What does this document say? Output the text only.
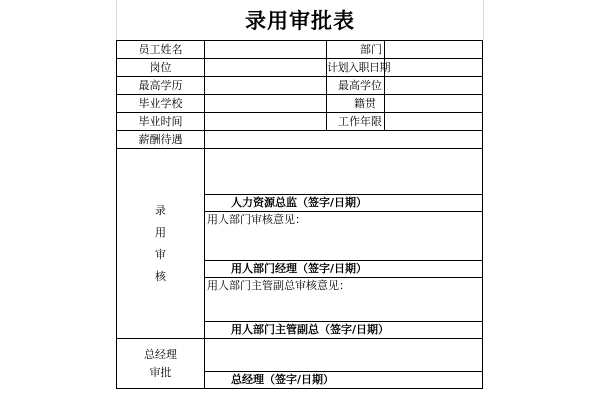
录用审批表
员工姓名		部门	
岗位		计划入职日期	
最高学历		最高学位	
毕业学校		籍贯	
毕业时间		工作年限	
薪酬待遇			

录
用
审
核			

	人力资源总监（签字/日期）		
	用人部门审核意见：		
	用人部门经理（签字/日期）		
	用人部门主管副总审核意见：		
	用人部门主管副总（签字/日期）		

总经理
审批			

	总经理（签字/日期）		
